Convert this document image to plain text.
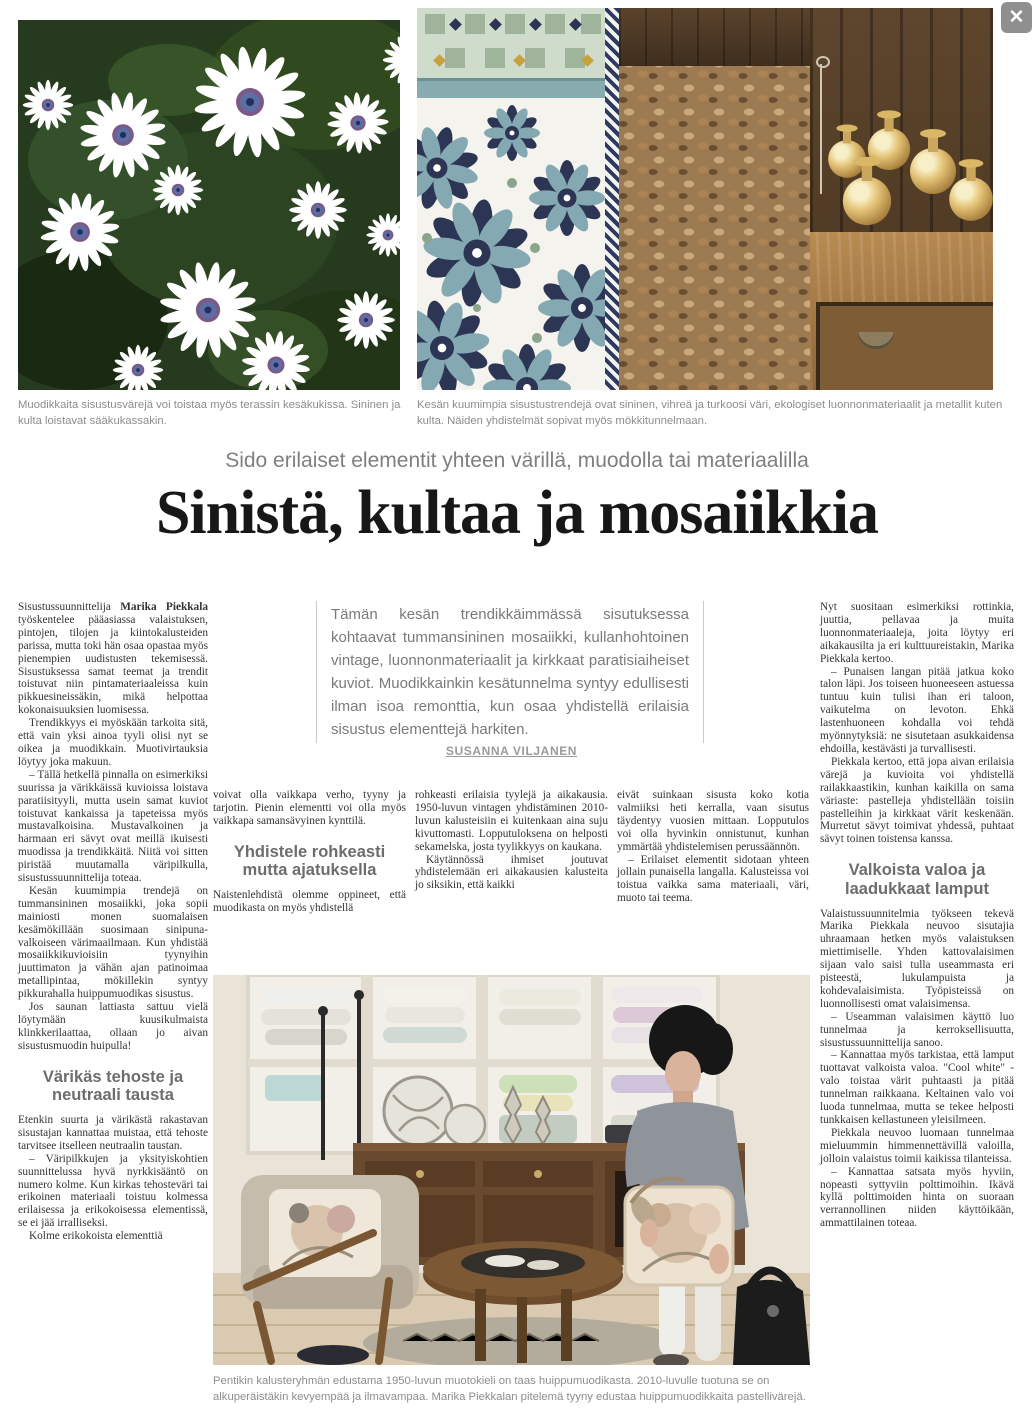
✕

Muodikkaita sisustusvärejä voi toistaa myös terassin kesäkukissa. Sininen ja kulta loistavat sääkukassakin.

Kesän kuumimpia sisustustrendejä ovat sininen, vihreä ja turkoosi väri, ekologiset luonnonmateriaalit ja metallit kuten kulta. Näiden yhdistelmät sopivat myös mökkitunnelmaan.

Sido erilaiset elementit yhteen värillä, muodolla tai materiaalilla
Sinistä, kultaa ja mosaiikkia
Tämän kesän trendikkäimmässä sisutuksessa kohtaavat tummansininen mosaiikki, kullanhohtoinen vintage, luonnonmateriaalit ja kirkkaat paratisiaiheiset kuviot. Muodikkainkin kesätunnelma syntyy edullisesti ilman isoa remonttia, kun osaa yhdistellä erilaisia sisustus elementtejä harkiten.
SUSANNA VILJANEN

Sisustussuunnittelija Marika Piekkala työskentelee pääasiassa valaistuksen, pintojen, tilojen ja kiintokalusteiden parissa, mutta toki hän osaa opastaa myös pienempien uudistusten tekemisessä. Sisustuksessa samat teemat ja trendit toistuvat niin pintamateriaaleissa kuin pikkuesineissäkin, mikä helpottaa kokonaisuuksien luomisessa.

Trendikkyys ei myöskään tarkoita sitä, että vain yksi ainoa tyyli olisi nyt se oikea ja muodikkain. Muotivirtauksia löytyy joka makuun.

– Tällä hetkellä pinnalla on esimerkiksi suurissa ja värikkäissä kuvioissa loistava paratiisityyli, mutta usein samat kuviot toistuvat kankaissa ja tapeteissa myös mustavalkoisina. Mustavalkoinen ja harmaan eri sävyt ovat meillä ikuisesti muodissa ja trendikkäitä. Niitä voi sitten piristää muutamalla väripilkulla, sisustussuunnittelija toteaa.

Kesän kuumimpia trendejä on tummansininen mosaiikki, joka sopii mainiosti monen suomalaisen kesämökillään suosimaan sinipuna-valkoiseen värimaailmaan. Kun yhdistää mosaiikkikuvioisiin tyynyihin juuttimaton ja vähän ajan patinoimaa metallipintaa, mökillekin syntyy pikkurahalla huippumuodikas sisustus.

Jos saunan lattiasta sattuu vielä löytymään kuusikulmaista klinkkerilaattaa, ollaan jo aivan sisustusmuodin huipulla!

Värikäs tehoste ja neutraali tausta

Etenkin suurta ja värikästä rakastavan sisustajan kannattaa muistaa, että tehoste tarvitsee itselleen neutraalin taustan.

– Väripilkkujen ja yksityiskohtien suunnittelussa hyvä nyrkkisääntö on numero kolme. Kun kirkas tehosteväri tai erikoinen materiaali toistuu kolmessa erilaisessa ja erikokoisessa elementissä, se ei jää irralliseksi.

Kolme erikokoista elementtiä

voivat olla vaikkapa verho, tyyny ja tarjotin. Pienin elementti voi olla myös vaikkapa samansävyinen kynttilä.

Yhdistele rohkeasti mutta ajatuksella

Naistenlehdistä olemme oppineet, että muodikasta on myös yhdistellä

rohkeasti erilaisia tyylejä ja aikakausia. 1950-luvun vintagen yhdistäminen 2010-luvun kalusteisiin ei kuitenkaan aina suju kivuttomasti. Lopputuloksena on helposti sekamelska, josta tyylikkyys on kaukana.

Käytännössä ihmiset joutuvat yhdistelemään eri aikakausien kalusteita jo siksikin, että kaikki

eivät suinkaan sisusta koko kotia valmiiksi heti kerralla, vaan sisutus täydentyy vuosien mittaan. Lopputulos voi olla hyvinkin onnistunut, kunhan ymmärtää yhdistelemisen perussäännön.

– Erilaiset elementit sidotaan yhteen jollain punaisella langalla. Kalusteissa voi toistua vaikka sama materiaali, väri, muoto tai teema.

Nyt suositaan esimerkiksi rottinkia, juuttia, pellavaa ja muita luonnonmateriaaleja, joita löytyy eri aikakausilta ja eri kulttuureistakin, Marika Piekkala kertoo.

– Punaisen langan pitää jatkua koko talon läpi. Jos toiseen huoneeseen astuessa tuntuu kuin tulisi ihan eri taloon, vaikutelma on levoton. Ehkä lastenhuoneen kohdalla voi tehdä myönnytyksiä: ne sisutetaan asukkaidensa ehdoilla, kestävästi ja turvallisesti.

Piekkala kertoo, että jopa aivan erilaisia värejä ja kuvioita voi yhdistellä railakkaastikin, kunhan kaikilla on sama väriaste: pastelleja yhdistellään toisiin pastelleihin ja kirkkaat värit keskenään. Murretut sävyt toimivat yhdessä, puhtaat sävyt toinen toistensa kanssa.

Valkoista valoa ja laadukkaat lamput

Valaistussuunnitelmia työkseen tekevä Marika Piekkala neuvoo sisutajia uhraamaan hetken myös valaistuksen miettimiselle. Yhden kattovalaisimen sijaan valo saisi tulla useammasta eri pisteestä, lukulampuista ja kohdevalaisimista. Työpisteissä on luonnollisesti omat valaisimensa.

– Useamman valaisimen käyttö luo tunnelmaa ja kerroksellisuutta, sisustussuunnittelija sanoo.

– Kannattaa myös tarkistaa, että lamput tuottavat valkoista valoa. "Cool white" -valo toistaa värit puhtaasti ja pitää tunnelman raikkaana. Keltainen valo voi luoda tunnelmaa, mutta se tekee helposti tunkkaisen kellastuneen yleisilmeen.

Piekkala neuvoo luomaan tunnelmaa mieluummin himmennettävillä valoilla, jolloin valaistus toimii kaikissa tilanteissa.

– Kannattaa satsata myös hyviin, nopeasti syttyviin polttimoihin. Ikävä kyllä polttimoiden hinta on suoraan verrannollinen niiden käyttöikään, ammattilainen toteaa.

Pentikin kalusteryhmän edustama 1950-luvun muotokieli on taas huippumuodikasta. 2010-luvulle tuotuna se on alkuperäistäkin kevyempää ja ilmavampaa. Marika Piekkalan pitelemä tyyny edustaa huippumuodikkaita pastellivärejä.
